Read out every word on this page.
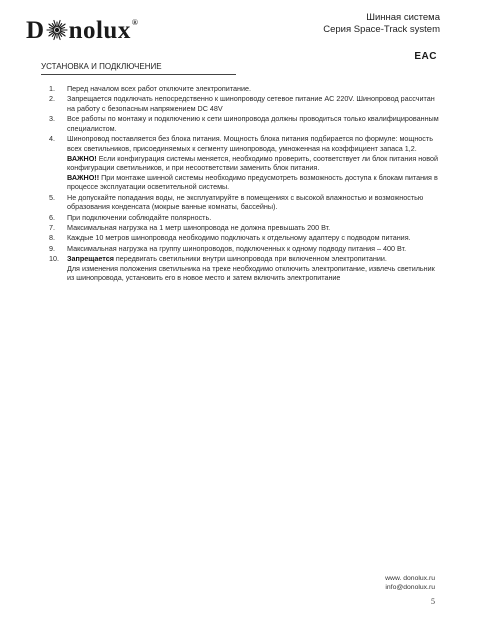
D nolux®	Шинная система
Серия Space-Track system
EAC
УСТАНОВКА И ПОДКЛЮЧЕНИЕ
1.	Перед началом всех работ отключите электропитание.

2.	Запрещается подключать непосредственно к шинопроводу сетевое питание AC 220V. Шинопровод рассчитан на работу с безопасным напряжением DC 48V

3.	Все работы по монтажу и подключению к сети шинопровода должны проводиться только квалифицированным специалистом.

4.	Шинопровод поставляется без блока питания. Мощность блока питания подбирается по формуле: мощность всех светильников, присоединяемых к сегменту шинопровода, умноженная на коэффициент запаса 1,2.

ВАЖНО! Если конфигурация системы меняется, необходимо проверить, соответствует ли блок питания новой конфигурации светильников, и при несоответствии заменить блок питания.

ВАЖНО!! При монтаже шинной системы необходимо предусмотреть возможность доступа к блокам питания в процессе эксплуатации осветительной системы.

5.	Не допускайте попадания воды, не эксплуатируйте в помещениях с высокой влажностью и возможностью образования конденсата (мокрые ванные комнаты, бассейны).

6.	При подключении соблюдайте полярность.

7.	Максимальная нагрузка на 1 метр шинопровода не должна превышать 200 Вт.

8.	Каждые 10 метров шинопровода необходимо подключать к отдельному адаптеру с подводом питания.

9.	Максимальная нагрузка на группу шинопроводов, подключенных к одному подводу питания – 400 Вт.

10.	Запрещается передвигать светильники внутри шинопровода при включенном электропитании.

Для изменения положения светильника на треке необходимо отключить электропитание, извлечь светильник из шинопровода, установить его в новое место и затем включить электропитание

www. donolux.ru
info@donolux.ru
5
